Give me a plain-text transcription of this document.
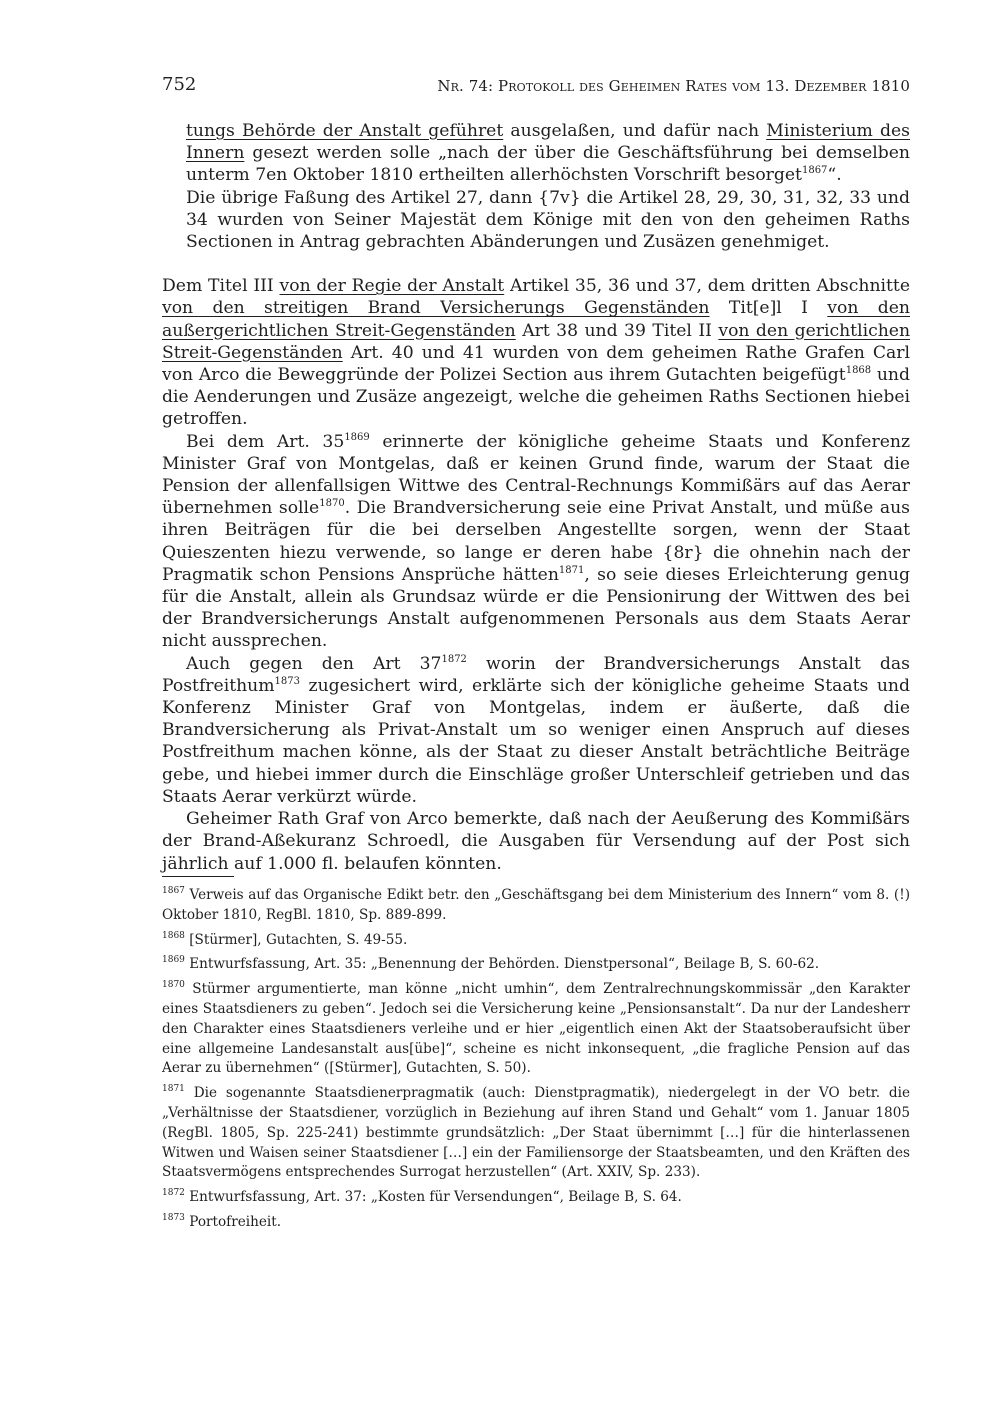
752	Nr. 74: Protokoll des Geheimen Rates vom 13. Dezember 1810

tungs Behörde der Anstalt geführet ausgelaßen, und dafür nach Ministerium des Innern gesezt werden solle „nach der über die Geschäftsführung bei demselben unterm 7en Oktober 1810 ertheilten allerhöchsten Vorschrift besorget$^{1867}$“.

Die übrige Faßung des Artikel 27, dann {7v} die Artikel 28, 29, 30, 31, 32, 33 und 34 wurden von Seiner Majestät dem Könige mit den von den geheimen Raths Sectionen in Antrag gebrachten Abänderungen und Zusäzen genehmiget.

Dem Titel III von der Regie der Anstalt Artikel 35, 36 und 37, dem dritten Abschnitte von den streitigen Brand Versicherungs Gegenständen Tit[e]l I von den außergerichtlichen Streit-Gegenständen Art 38 und 39 Titel II von den gerichtlichen Streit-Gegenständen Art. 40 und 41 wurden von dem geheimen Rathe Grafen Carl von Arco die Beweggründe der Polizei Section aus ihrem Gutachten beigefügt$^{1868}$ und die Aenderungen und Zusäze angezeigt, welche die geheimen Raths Sectionen hiebei getroffen.

Bei dem Art. $35^{1869}$ erinnerte der königliche geheime Staats und Konferenz Minister Graf von Montgelas, daß er keinen Grund finde, warum der Staat die Pension der allenfallsigen Wittwe des Central-Rechnungs Kommißärs auf das Aerar übernehmen solle$^{1870}$. Die Brandversicherung seie eine Privat Anstalt, und müße aus ihren Beiträgen für die bei derselben Angestellte sorgen, wenn der Staat Quieszenten hiezu verwende, so lange er deren habe {8r} die ohnehin nach der Pragmatik schon Pensions Ansprüche hätten$^{1871}$, so seie dieses Erleichterung genug für die Anstalt, allein als Grundsaz würde er die Pensionirung der Wittwen des bei der Brandversicherungs Anstalt aufgenommenen Personals aus dem Staats Aerar nicht aussprechen.

Auch gegen den Art $37^{1872}$ worin der Brandversicherungs Anstalt das Postfreithum$^{1873}$ zugesichert wird, erklärte sich der königliche geheime Staats und Konferenz Minister Graf von Montgelas, indem er äußerte, daß die Brandversicherung als Privat-Anstalt um so weniger einen Anspruch auf dieses Postfreithum machen könne, als der Staat zu dieser Anstalt beträchtliche Beiträge gebe, und hiebei immer durch die Einschläge großer Unterschleif getrieben und das Staats Aerar verkürzt würde.

Geheimer Rath Graf von Arco bemerkte, daß nach der Aeußerung des Kommißärs der Brand-Aßekuranz Schroedl, die Ausgaben für Versendung auf der Post sich jährlich auf 1.000 fl. belaufen könnten.

$^{1867}$ Verweis auf das Organische Edikt betr. den „Geschäftsgang bei dem Ministerium des Innern“ vom 8. (!) Oktober 1810, RegBl. 1810, Sp. 889-899.

$^{1868}$ [Stürmer], Gutachten, S. 49-55.

$^{1869}$ Entwurfsfassung, Art. 35: „Benennung der Behörden. Dienstpersonal“, Beilage B, S. 60-62.

$^{1870}$ Stürmer argumentierte, man könne „nicht umhin“, dem Zentralrechnungskommissär „den Karakter eines Staatsdieners zu geben“. Jedoch sei die Versicherung keine „Pensionsanstalt“. Da nur der Landesherr den Charakter eines Staatsdieners verleihe und er hier „eigentlich einen Akt der Staatsoberaufsicht über eine allgemeine Landesanstalt aus[übe]“, scheine es nicht inkonsequent, „die fragliche Pension auf das Aerar zu übernehmen“ ([Stürmer], Gutachten, S. 50).

$^{1871}$ Die sogenannte Staatsdienerpragmatik (auch: Dienstpragmatik), niedergelegt in der VO betr. die „Verhältnisse der Staatsdiener, vorzüglich in Beziehung auf ihren Stand und Gehalt“ vom 1. Januar 1805 (RegBl. 1805, Sp. 225-241) bestimmte grundsätzlich: „Der Staat übernimmt […] für die hinterlassenen Witwen und Waisen seiner Staatsdiener […] ein der Familiensorge der Staatsbeamten, und den Kräften des Staatsvermögens entsprechendes Surrogat herzustellen“ (Art. XXIV, Sp. 233).

$^{1872}$ Entwurfsfassung, Art. 37: „Kosten für Versendungen“, Beilage B, S. 64.

$^{1873}$ Portofreiheit.
